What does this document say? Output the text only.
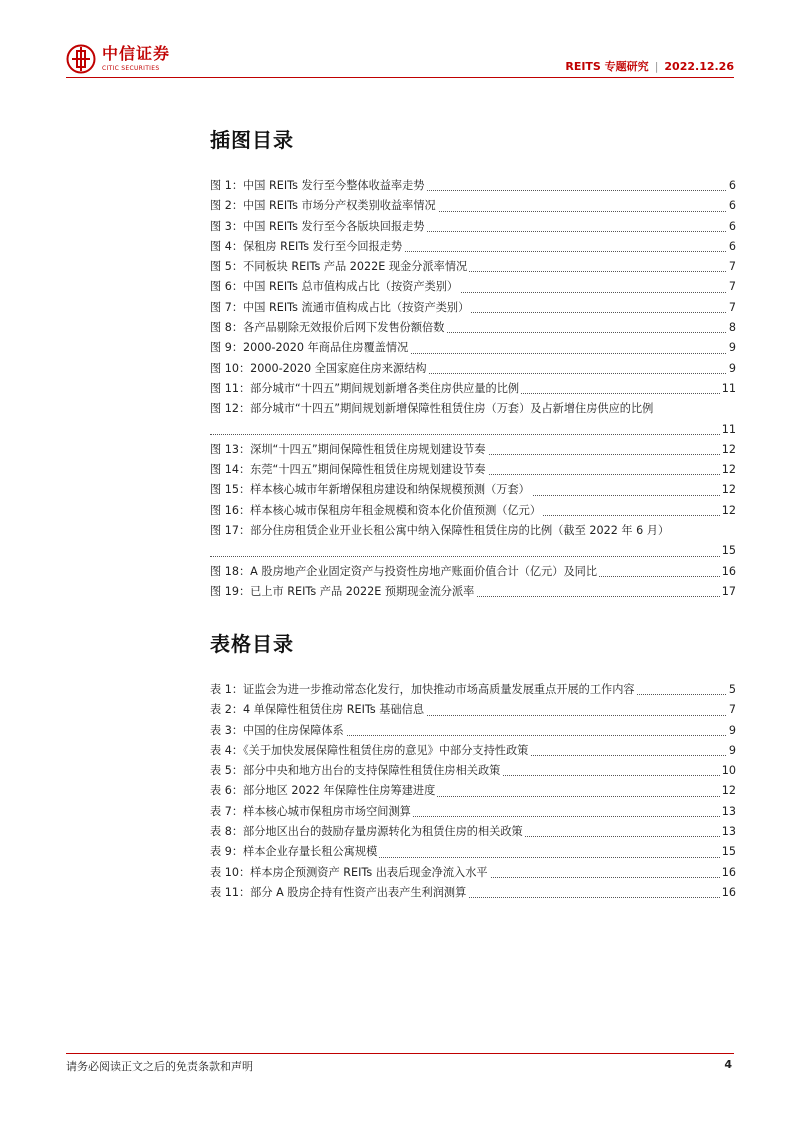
中信证券
CITIC SECURITIES	REITS 专题研究 | 2022.12.26
插图目录
图 1：中国 REITs 发行至今整体收益率走势	6
图 2：中国 REITs 市场分产权类别收益率情况	6
图 3：中国 REITs 发行至今各版块回报走势	6
图 4：保租房 REITs 发行至今回报走势	6
图 5：不同板块 REITs 产品 2022E 现金分派率情况	7
图 6：中国 REITs 总市值构成占比（按资产类别）	7
图 7：中国 REITs 流通市值构成占比（按资产类别）	7
图 8：各产品剔除无效报价后网下发售份额倍数	8
图 9：2000-2020 年商品住房覆盖情况	9
图 10：2000-2020 全国家庭住房来源结构	9
图 11：部分城市“十四五”期间规划新增各类住房供应量的比例	11
图 12：部分城市“十四五”期间规划新增保障性租赁住房（万套）及占新增住房供应的比例
11
图 13：深圳“十四五”期间保障性租赁住房规划建设节奏	12
图 14：东莞“十四五”期间保障性租赁住房规划建设节奏	12
图 15：样本核心城市年新增保租房建设和纳保规模预测（万套）	12
图 16：样本核心城市保租房年租金规模和资本化价值预测（亿元）	12
图 17：部分住房租赁企业开业长租公寓中纳入保障性租赁住房的比例（截至 2022 年 6 月）
15
图 18：A 股房地产企业固定资产与投资性房地产账面价值合计（亿元）及同比	16
图 19：已上市 REITs 产品 2022E 预期现金流分派率	17
表格目录
表 1：证监会为进一步推动常态化发行，加快推动市场高质量发展重点开展的工作内容	5
表 2：4 单保障性租赁住房 REITs 基础信息	7
表 3：中国的住房保障体系	9
表 4：《关于加快发展保障性租赁住房的意见》中部分支持性政策	9
表 5：部分中央和地方出台的支持保障性租赁住房相关政策	10
表 6：部分地区 2022 年保障性住房筹建进度	12
表 7：样本核心城市保租房市场空间测算	13
表 8：部分地区出台的鼓励存量房源转化为租赁住房的相关政策	13
表 9：样本企业存量长租公寓规模	15
表 10：样本房企预测资产 REITs 出表后现金净流入水平	16
表 11：部分 A 股房企持有性资产出表产生利润测算	16
请务必阅读正文之后的免责条款和声明	4
